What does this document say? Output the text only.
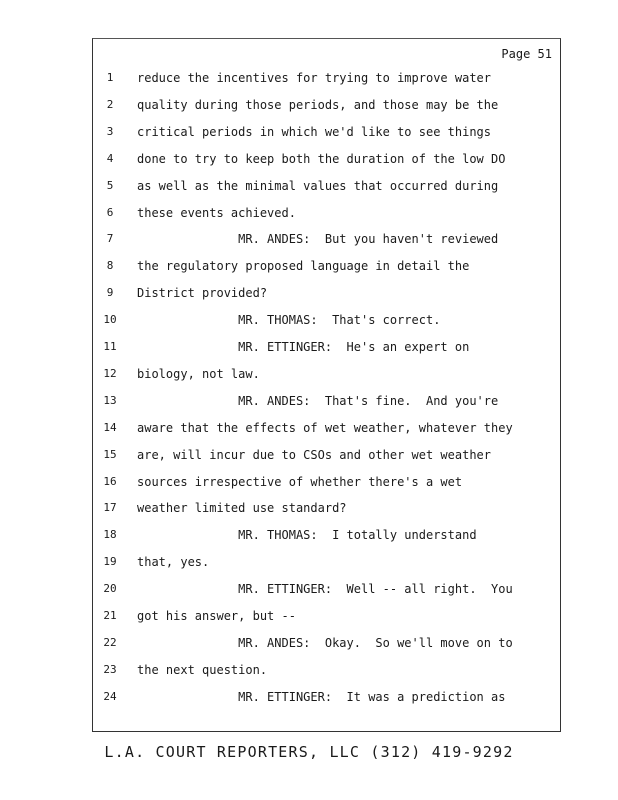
Page 51
1	reduce the incentives for trying to improve water
2	quality during those periods, and those may be the
3	critical periods in which we'd like to see things
4	done to try to keep both the duration of the low DO
5	as well as the minimal values that occurred during
6	these events achieved.
7	MR. ANDES:  But you haven't reviewed
8	the regulatory proposed language in detail the
9	District provided?
10	MR. THOMAS:  That's correct.
11	MR. ETTINGER:  He's an expert on
12	biology, not law.
13	MR. ANDES:  That's fine.  And you're
14	aware that the effects of wet weather, whatever they
15	are, will incur due to CSOs and other wet weather
16	sources irrespective of whether there's a wet
17	weather limited use standard?
18	MR. THOMAS:  I totally understand
19	that, yes.
20	MR. ETTINGER:  Well -- all right.  You
21	got his answer, but --
22	MR. ANDES:  Okay.  So we'll move on to
23	the next question.
24	MR. ETTINGER:  It was a prediction as
L.A. COURT REPORTERS, LLC (312) 419-9292
